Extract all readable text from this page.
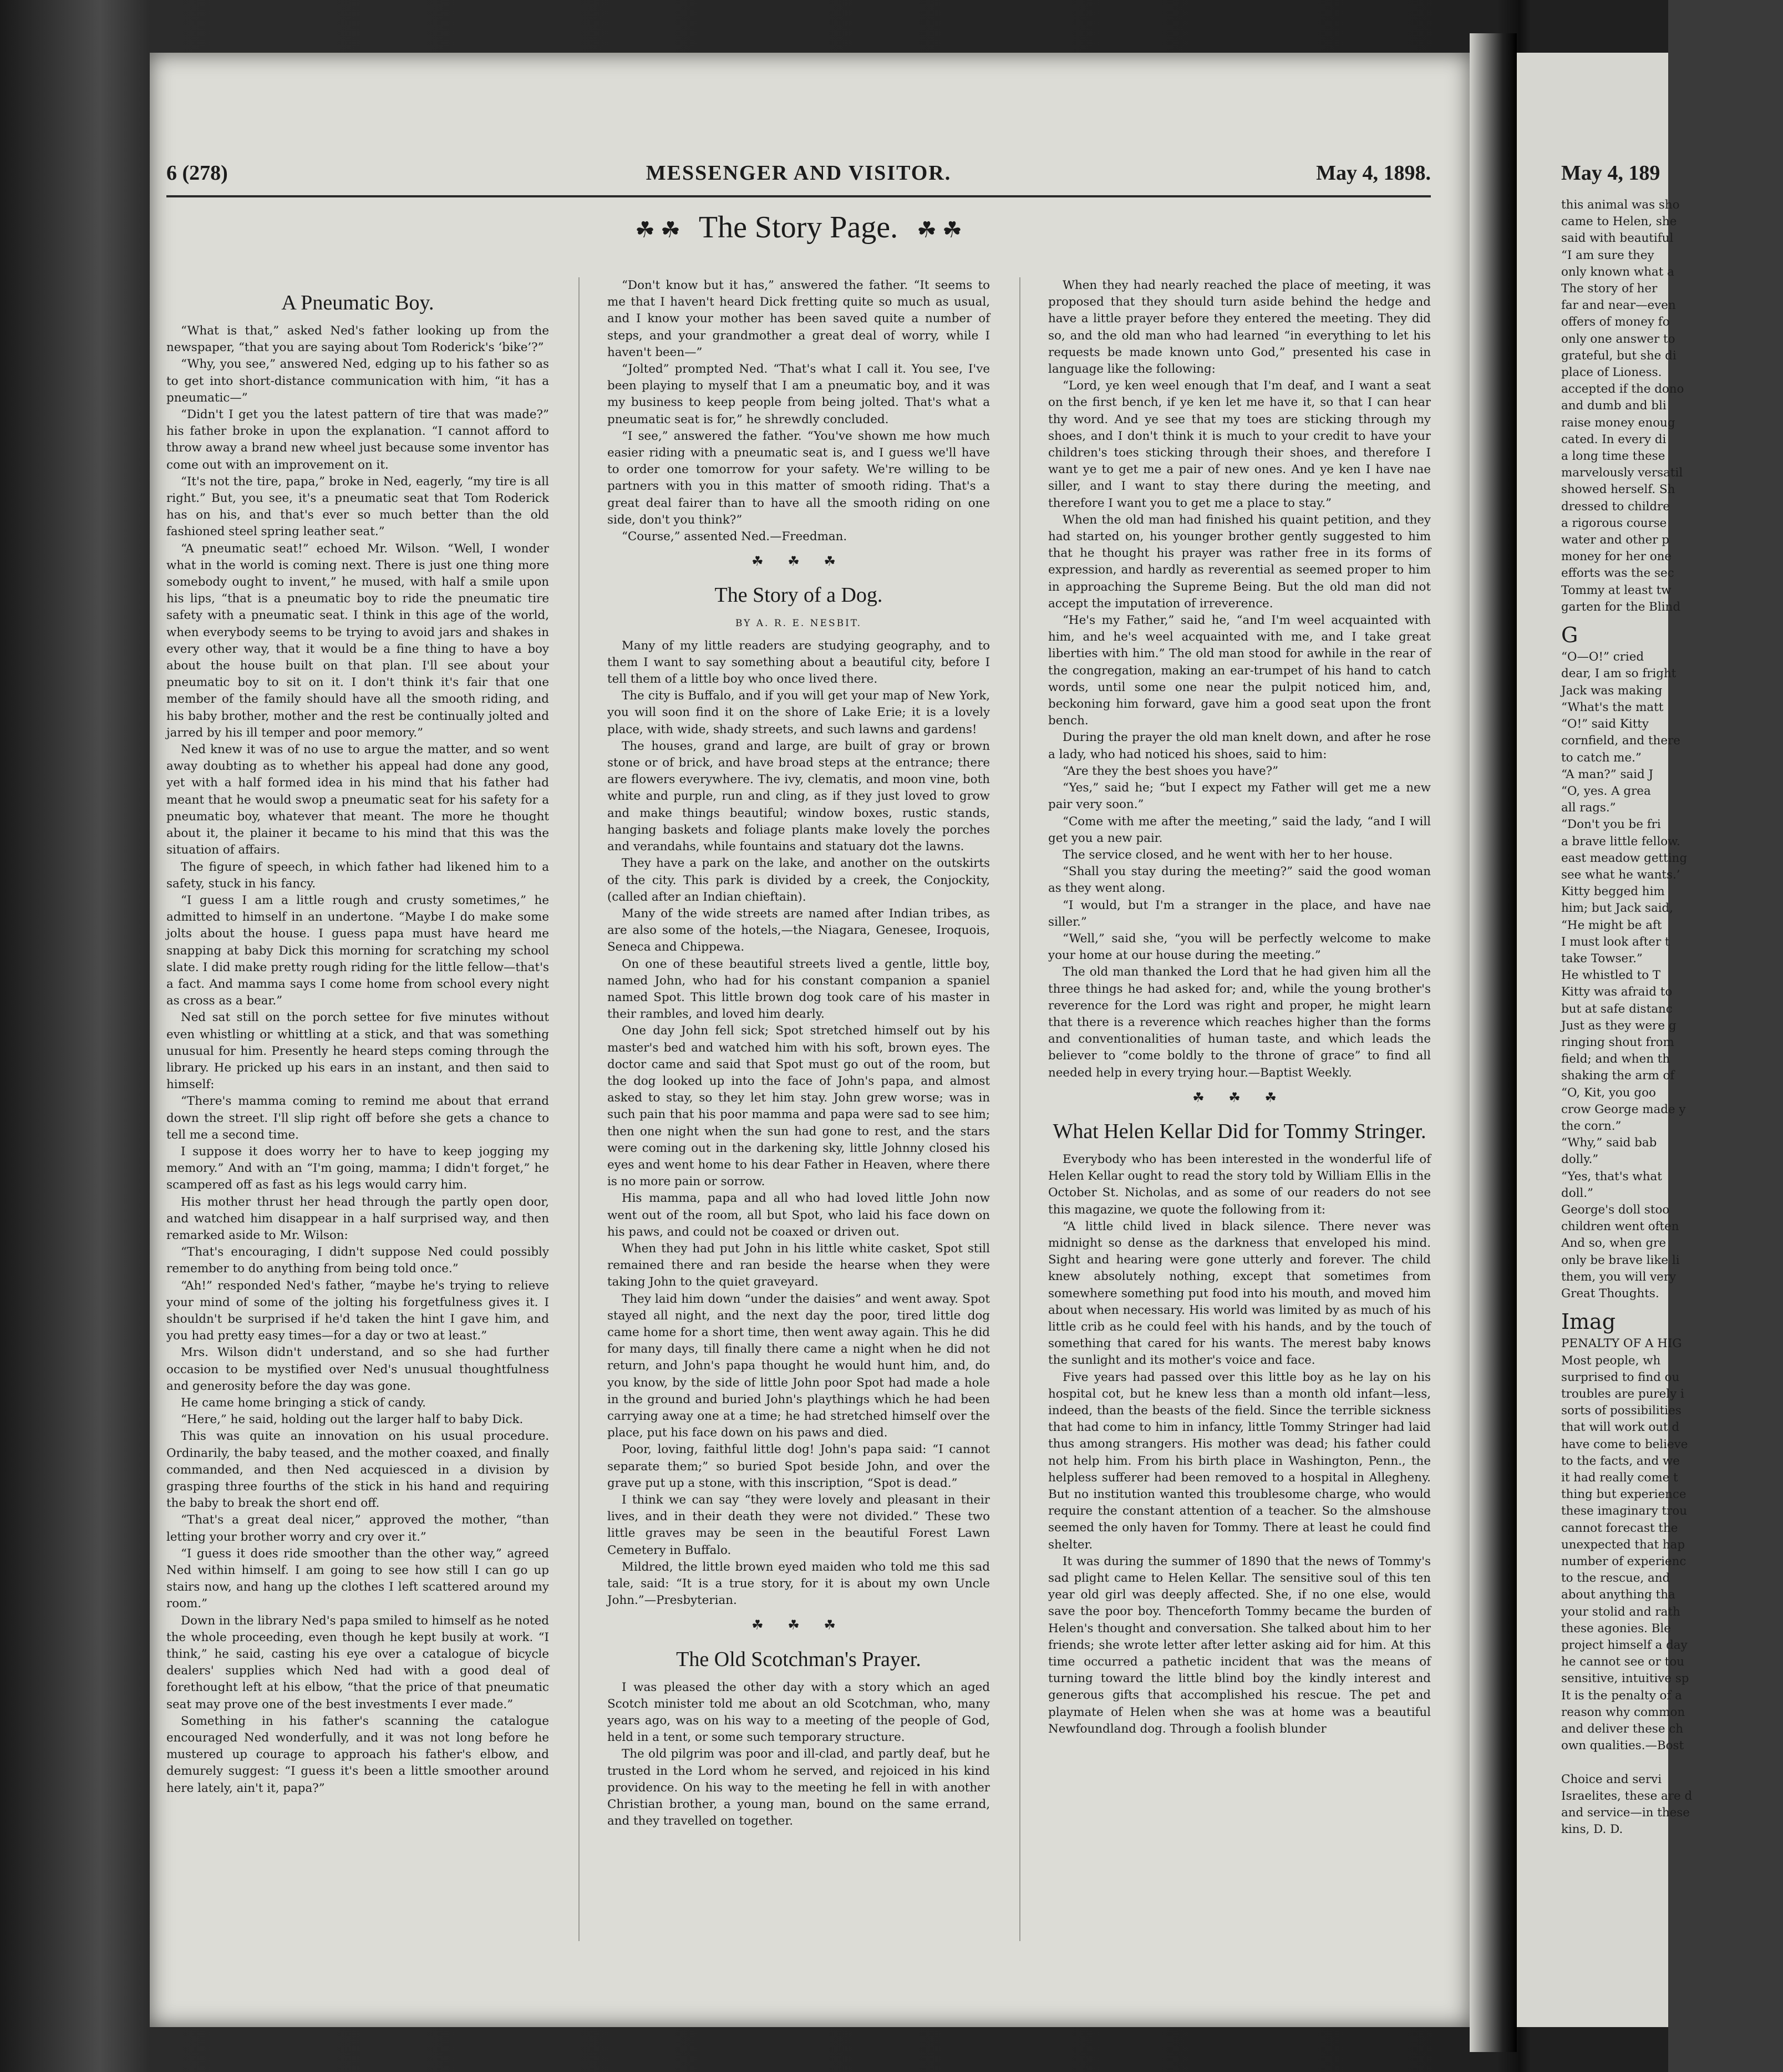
May 4, 189
this animal was sho
came to Helen, she
said with beautiful
“I am sure they
only known what a
The story of her
far and near—even
offers of money fo
only one answer to
grateful, but she di
place of Lioness.
accepted if the dono
and dumb and bli
raise money enoug
cated. In every di
a long time these
marvelously versatil
showed herself. Sh
dressed to childre
a rigorous course
water and other p
money for her one
efforts was the sec
Tommy at least tw
garten for the Blind
G
“O—O!” cried
dear, I am so fright
Jack was making
“What's the matt
“O!” said Kitty
cornfield, and there
to catch me.”
“A man?” said J
“O, yes. A grea
all rags.”
“Don't you be fri
a brave little fellow.
east meadow getting
see what he wants.’
Kitty begged him
him; but Jack said,
“He might be aft
I must look after t
take Towser.”
He whistled to T
Kitty was afraid to
but at safe distanc
Just as they were g
ringing shout from
field; and when th
shaking the arm of
“O, Kit, you goo
crow George made y
the corn.”
“Why,” said bab
dolly.”
“Yes, that's what
doll.”
George's doll stoo
children went often
And so, when gre
only be brave like li
them, you will very
Great Thoughts.
Imag
PENALTY OF A HIG
Most people, wh
surprised to find ou
troubles are purely i
sorts of possibilities
that will work out d
have come to believe
to the facts, and we
it had really come t
thing but experience
these imaginary trou
cannot forecast the
unexpected that hap
number of experienc
to the rescue, and
about anything tha
your stolid and rath
these agonies. Ble
project himself a day
he cannot see or tou
sensitive, intuitive sp
It is the penalty of a
reason why common
and deliver these ch
own qualities.—Bost

Choice and servi
Israelites, these are d
and service—in these
kins, D. D.
6 (278)	MESSENGER AND VISITOR.	May 4, 1898.
☘ ☘ The Story Page. ☘ ☘
A Pneumatic Boy.

“What is that,” asked Ned's father looking up from the newspaper, “that you are saying about Tom Roderick's ‘bike’?”

“Why, you see,” answered Ned, edging up to his father so as to get into short-distance communication with him, “it has a pneumatic—”

“Didn't I get you the latest pattern of tire that was made?” his father broke in upon the explanation. “I cannot afford to throw away a brand new wheel just because some inventor has come out with an improvement on it.

“It's not the tire, papa,” broke in Ned, eagerly, “my tire is all right.” But, you see, it's a pneumatic seat that Tom Roderick has on his, and that's ever so much better than the old fashioned steel spring leather seat.”

“A pneumatic seat!” echoed Mr. Wilson. “Well, I wonder what in the world is coming next. There is just one thing more somebody ought to invent,” he mused, with half a smile upon his lips, “that is a pneumatic boy to ride the pneumatic tire safety with a pneumatic seat. I think in this age of the world, when everybody seems to be trying to avoid jars and shakes in every other way, that it would be a fine thing to have a boy about the house built on that plan. I'll see about your pneumatic boy to sit on it. I don't think it's fair that one member of the family should have all the smooth riding, and his baby brother, mother and the rest be continually jolted and jarred by his ill temper and poor memory.”

Ned knew it was of no use to argue the matter, and so went away doubting as to whether his appeal had done any good, yet with a half formed idea in his mind that his father had meant that he would swop a pneumatic seat for his safety for a pneumatic boy, whatever that meant. The more he thought about it, the plainer it became to his mind that this was the situation of affairs.

The figure of speech, in which father had likened him to a safety, stuck in his fancy.

“I guess I am a little rough and crusty sometimes,” he admitted to himself in an undertone. “Maybe I do make some jolts about the house. I guess papa must have heard me snapping at baby Dick this morning for scratching my school slate. I did make pretty rough riding for the little fellow—that's a fact. And mamma says I come home from school every night as cross as a bear.”

Ned sat still on the porch settee for five minutes without even whistling or whittling at a stick, and that was something unusual for him. Presently he heard steps coming through the library. He pricked up his ears in an instant, and then said to himself:

“There's mamma coming to remind me about that errand down the street. I'll slip right off before she gets a chance to tell me a second time.

I suppose it does worry her to have to keep jogging my memory.” And with an “I'm going, mamma; I didn't forget,” he scampered off as fast as his legs would carry him.

His mother thrust her head through the partly open door, and watched him disappear in a half surprised way, and then remarked aside to Mr. Wilson:

“That's encouraging, I didn't suppose Ned could possibly remember to do anything from being told once.”

“Ah!” responded Ned's father, “maybe he's trying to relieve your mind of some of the jolting his forgetfulness gives it. I shouldn't be surprised if he'd taken the hint I gave him, and you had pretty easy times—for a day or two at least.”

Mrs. Wilson didn't understand, and so she had further occasion to be mystified over Ned's unusual thoughtfulness and generosity before the day was gone.

He came home bringing a stick of candy.

“Here,” he said, holding out the larger half to baby Dick.

This was quite an innovation on his usual procedure. Ordinarily, the baby teased, and the mother coaxed, and finally commanded, and then Ned acquiesced in a division by grasping three fourths of the stick in his hand and requiring the baby to break the short end off.

“That's a great deal nicer,” approved the mother, “than letting your brother worry and cry over it.”

“I guess it does ride smoother than the other way,” agreed Ned within himself. I am going to see how still I can go up stairs now, and hang up the clothes I left scattered around my room.”

Down in the library Ned's papa smiled to himself as he noted the whole proceeding, even though he kept busily at work. “I think,” he said, casting his eye over a catalogue of bicycle dealers' supplies which Ned had with a good deal of forethought left at his elbow, “that the price of that pneumatic seat may prove one of the best investments I ever made.”

Something in his father's scanning the catalogue encouraged Ned wonderfully, and it was not long before he mustered up courage to approach his father's elbow, and demurely suggest: “I guess it's been a little smoother around here lately, ain't it, papa?”

“Don't know but it has,” answered the father. “It seems to me that I haven't heard Dick fretting quite so much as usual, and I know your mother has been saved quite a number of steps, and your grandmother a great deal of worry, while I haven't been—”

“Jolted” prompted Ned. “That's what I call it. You see, I've been playing to myself that I am a pneumatic boy, and it was my business to keep people from being jolted. That's what a pneumatic seat is for,” he shrewdly concluded.

“I see,” answered the father. “You've shown me how much easier riding with a pneumatic seat is, and I guess we'll have to order one tomorrow for your safety. We're willing to be partners with you in this matter of smooth riding. That's a great deal fairer than to have all the smooth riding on one side, don't you think?”

“Course,” assented Ned.—Freedman.

☘ ☘ ☘

The Story of a Dog.

BY A. R. E. NESBIT.

Many of my little readers are studying geography, and to them I want to say something about a beautiful city, before I tell them of a little boy who once lived there.

The city is Buffalo, and if you will get your map of New York, you will soon find it on the shore of Lake Erie; it is a lovely place, with wide, shady streets, and such lawns and gardens!

The houses, grand and large, are built of gray or brown stone or of brick, and have broad steps at the entrance; there are flowers everywhere. The ivy, clematis, and moon vine, both white and purple, run and cling, as if they just loved to grow and make things beautiful; window boxes, rustic stands, hanging baskets and foliage plants make lovely the porches and verandahs, while fountains and statuary dot the lawns.

They have a park on the lake, and another on the outskirts of the city. This park is divided by a creek, the Conjockity, (called after an Indian chieftain).

Many of the wide streets are named after Indian tribes, as are also some of the hotels,—the Niagara, Genesee, Iroquois, Seneca and Chippewa.

On one of these beautiful streets lived a gentle, little boy, named John, who had for his constant companion a spaniel named Spot. This little brown dog took care of his master in their rambles, and loved him dearly.

One day John fell sick; Spot stretched himself out by his master's bed and watched him with his soft, brown eyes. The doctor came and said that Spot must go out of the room, but the dog looked up into the face of John's papa, and almost asked to stay, so they let him stay. John grew worse; was in such pain that his poor mamma and papa were sad to see him; then one night when the sun had gone to rest, and the stars were coming out in the darkening sky, little Johnny closed his eyes and went home to his dear Father in Heaven, where there is no more pain or sorrow.

His mamma, papa and all who had loved little John now went out of the room, all but Spot, who laid his face down on his paws, and could not be coaxed or driven out.

When they had put John in his little white casket, Spot still remained there and ran beside the hearse when they were taking John to the quiet graveyard.

They laid him down “under the daisies” and went away. Spot stayed all night, and the next day the poor, tired little dog came home for a short time, then went away again. This he did for many days, till finally there came a night when he did not return, and John's papa thought he would hunt him, and, do you know, by the side of little John poor Spot had made a hole in the ground and buried John's playthings which he had been carrying away one at a time; he had stretched himself over the place, put his face down on his paws and died.

Poor, loving, faithful little dog! John's papa said: “I cannot separate them;” so buried Spot beside John, and over the grave put up a stone, with this inscription, “Spot is dead.”

I think we can say “they were lovely and pleasant in their lives, and in their death they were not divided.” These two little graves may be seen in the beautiful Forest Lawn Cemetery in Buffalo.

Mildred, the little brown eyed maiden who told me this sad tale, said: “It is a true story, for it is about my own Uncle John.”—Presbyterian.

☘ ☘ ☘

The Old Scotchman's Prayer.

I was pleased the other day with a story which an aged Scotch minister told me about an old Scotchman, who, many years ago, was on his way to a meeting of the people of God, held in a tent, or some such temporary structure.

The old pilgrim was poor and ill-clad, and partly deaf, but he trusted in the Lord whom he served, and rejoiced in his kind providence. On his way to the meeting he fell in with another Christian brother, a young man, bound on the same errand, and they travelled on together.

When they had nearly reached the place of meeting, it was proposed that they should turn aside behind the hedge and have a little prayer before they entered the meeting. They did so, and the old man who had learned “in everything to let his requests be made known unto God,” presented his case in language like the following:

“Lord, ye ken weel enough that I'm deaf, and I want a seat on the first bench, if ye ken let me have it, so that I can hear thy word. And ye see that my toes are sticking through my shoes, and I don't think it is much to your credit to have your children's toes sticking through their shoes, and therefore I want ye to get me a pair of new ones. And ye ken I have nae siller, and I want to stay there during the meeting, and therefore I want you to get me a place to stay.”

When the old man had finished his quaint petition, and they had started on, his younger brother gently suggested to him that he thought his prayer was rather free in its forms of expression, and hardly as reverential as seemed proper to him in approaching the Supreme Being. But the old man did not accept the imputation of irreverence.

“He's my Father,” said he, “and I'm weel acquainted with him, and he's weel acquainted with me, and I take great liberties with him.” The old man stood for awhile in the rear of the congregation, making an ear-trumpet of his hand to catch words, until some one near the pulpit noticed him, and, beckoning him forward, gave him a good seat upon the front bench.

During the prayer the old man knelt down, and after he rose a lady, who had noticed his shoes, said to him:

“Are they the best shoes you have?”

“Yes,” said he; “but I expect my Father will get me a new pair very soon.”

“Come with me after the meeting,” said the lady, “and I will get you a new pair.

The service closed, and he went with her to her house.

“Shall you stay during the meeting?” said the good woman as they went along.

“I would, but I'm a stranger in the place, and have nae siller.”

“Well,” said she, “you will be perfectly welcome to make your home at our house during the meeting.”

The old man thanked the Lord that he had given him all the three things he had asked for; and, while the young brother's reverence for the Lord was right and proper, he might learn that there is a reverence which reaches higher than the forms and conventionalities of human taste, and which leads the believer to “come boldly to the throne of grace” to find all needed help in every trying hour.—Baptist Weekly.

☘ ☘ ☘

What Helen Kellar Did for Tommy Stringer.

Everybody who has been interested in the wonderful life of Helen Kellar ought to read the story told by William Ellis in the October St. Nicholas, and as some of our readers do not see this magazine, we quote the following from it:

“A little child lived in black silence. There never was midnight so dense as the darkness that enveloped his mind. Sight and hearing were gone utterly and forever. The child knew absolutely nothing, except that sometimes from somewhere something put food into his mouth, and moved him about when necessary. His world was limited by as much of his little crib as he could feel with his hands, and by the touch of something that cared for his wants. The merest baby knows the sunlight and its mother's voice and face.

Five years had passed over this little boy as he lay on his hospital cot, but he knew less than a month old infant—less, indeed, than the beasts of the field. Since the terrible sickness that had come to him in infancy, little Tommy Stringer had laid thus among strangers. His mother was dead; his father could not help him. From his birth place in Washington, Penn., the helpless sufferer had been removed to a hospital in Allegheny. But no institution wanted this troublesome charge, who would require the constant attention of a teacher. So the almshouse seemed the only haven for Tommy. There at least he could find shelter.

It was during the summer of 1890 that the news of Tommy's sad plight came to Helen Kellar. The sensitive soul of this ten year old girl was deeply affected. She, if no one else, would save the poor boy. Thenceforth Tommy became the burden of Helen's thought and conversation. She talked about him to her friends; she wrote letter after letter asking aid for him. At this time occurred a pathetic incident that was the means of turning toward the little blind boy the kindly interest and generous gifts that accomplished his rescue. The pet and playmate of Helen when she was at home was a beautiful Newfoundland dog. Through a foolish blunder
